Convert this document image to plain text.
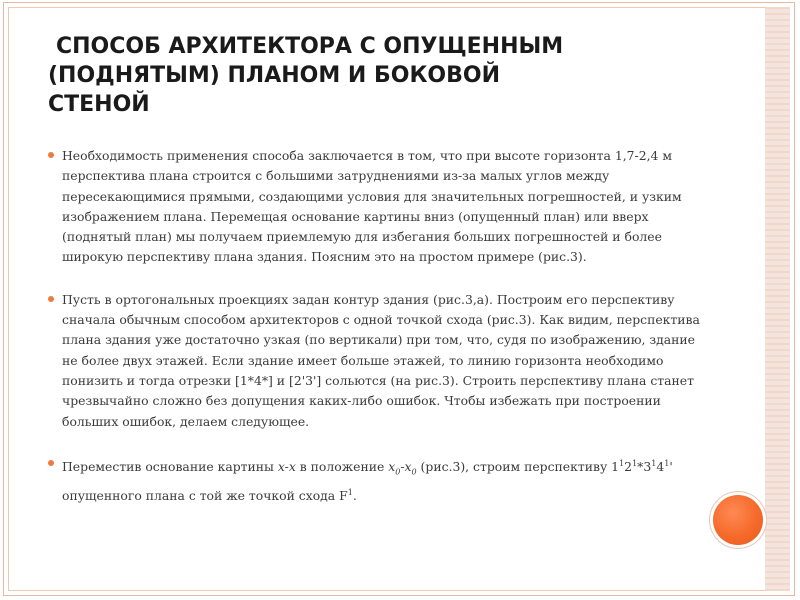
СПОСОБ АРХИТЕКТОРА С ОПУЩЕННЫМ
(ПОДНЯТЫМ) ПЛАНОМ И БОКОВОЙ
СТЕНОЙ

Необходимость применения способа заключается в том, что при высоте горизонта 1,7-2,4 м перспектива плана строится с большими затруднениями из-за малых углов между пересекающимися прямыми, создающими условия для значительных погрешностей, и узким изображением плана. Перемещая основание картины вниз (опущенный план) или вверх (поднятый план) мы получаем приемлемую для избегания больших погрешностей и более широкую перспективу плана здания. Поясним это на простом примере (рис.3).

Пусть в ортогональных проекциях задан контур здания (рис.3,а). Построим его перспективу сначала обычным способом архитекторов с одной точкой схода (рис.3). Как видим, перспектива плана здания уже достаточно узкая (по вертикали) при том, что, судя по изображению, здание не более двух этажей. Если здание имеет больше этажей, то линию горизонта необходимо понизить и тогда отрезки [1*4*] и [2'3'] сольются (на рис.3). Строить перспективу плана станет чрезвычайно сложно без допущения каких-либо ошибок. Чтобы избежать при построении больших ошибок, делаем следующее.

Переместив основание картины x-x в положение $x_0-x_0$ (рис.3), строим перспективу $1^12^1*3^14^1'$ опущенного плана с той же точкой схода $F^1$.
